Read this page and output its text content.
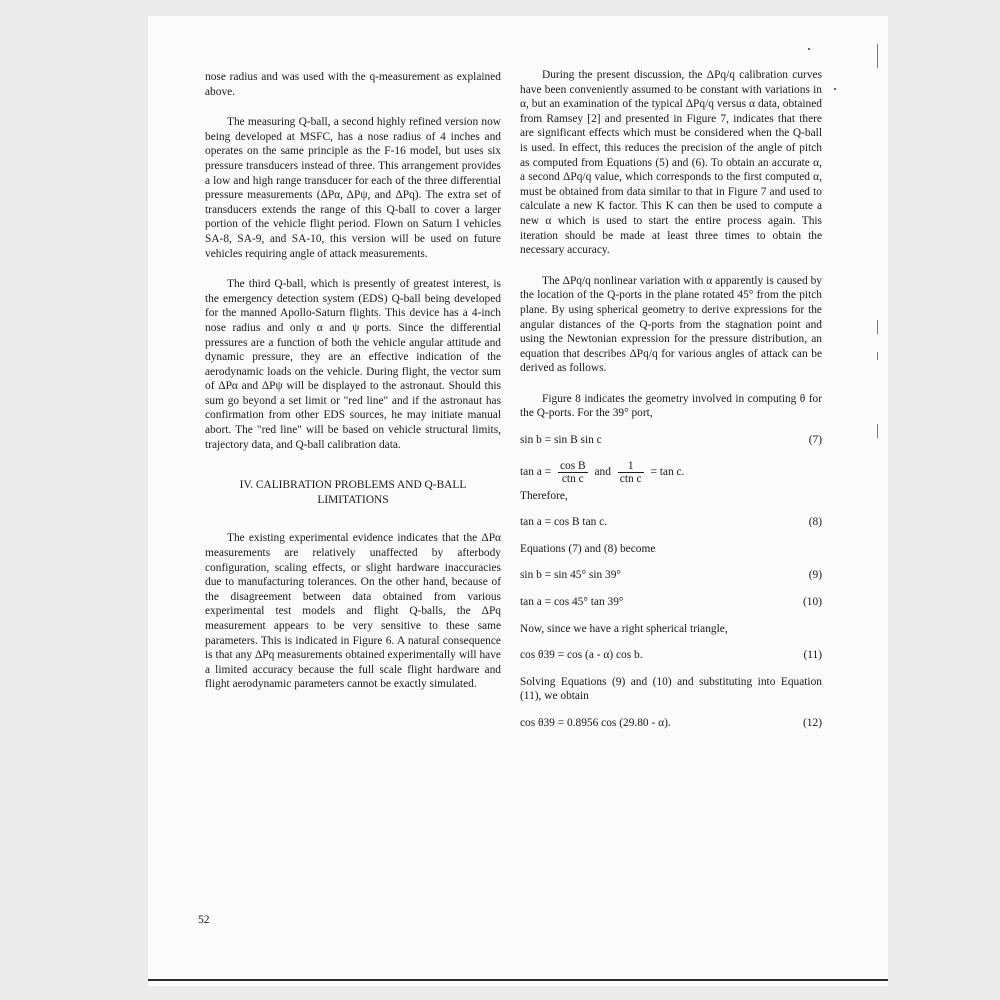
nose radius and was used with the q-measurement as explained above.

The measuring Q-ball, a second highly refined version now being developed at MSFC, has a nose radius of 4 inches and operates on the same principle as the F-16 model, but uses six pressure transducers instead of three. This arrangement provides a low and high range transducer for each of the three differential pressure measurements (ΔPα, ΔPψ, and ΔPq). The extra set of transducers extends the range of this Q-ball to cover a larger portion of the vehicle flight period. Flown on Saturn I vehicles SA-8, SA-9, and SA-10, this version will be used on future vehicles requiring angle of attack measurements.

The third Q-ball, which is presently of greatest interest, is the emergency detection system (EDS) Q-ball being developed for the manned Apollo-Saturn flights. This device has a 4-inch nose radius and only α and ψ ports. Since the differential pressures are a function of both the vehicle angular attitude and dynamic pressure, they are an effective indication of the aerodynamic loads on the vehicle. During flight, the vector sum of ΔPα and ΔPψ will be displayed to the astronaut. Should this sum go beyond a set limit or "red line" and if the astronaut has confirmation from other EDS sources, he may initiate manual abort. The "red line" will be based on vehicle structural limits, trajectory data, and Q-ball calibration data.

IV. CALIBRATION PROBLEMS AND Q-BALL LIMITATIONS

The existing experimental evidence indicates that the ΔPα measurements are relatively unaffected by afterbody configuration, scaling effects, or slight hardware inaccuracies due to manufacturing tolerances. On the other hand, because of the disagreement between data obtained from various experimental test models and flight Q-balls, the ΔPq measurement appears to be very sensitive to these same parameters. This is indicated in Figure 6. A natural consequence is that any ΔPq measurements obtained experimentally will have a limited accuracy because the full scale flight hardware and flight aerodynamic parameters cannot be exactly simulated.

During the present discussion, the ΔPq/q calibration curves have been conveniently assumed to be constant with variations in α, but an examination of the typical ΔPq/q versus α data, obtained from Ramsey [2] and presented in Figure 7, indicates that there are significant effects which must be considered when the Q-ball is used. In effect, this reduces the precision of the angle of pitch as computed from Equations (5) and (6). To obtain an accurate α, a second ΔPq/q value, which corresponds to the first computed α, must be obtained from data similar to that in Figure 7 and used to calculate a new K factor. This K can then be used to compute a new α which is used to start the entire process again. This iteration should be made at least three times to obtain the necessary accuracy.

The ΔPq/q nonlinear variation with α apparently is caused by the location of the Q-ports in the plane rotated 45° from the pitch plane. By using spherical geometry to derive expressions for the angular distances of the Q-ports from the stagnation point and using the Newtonian expression for the pressure distribution, an equation that describes ΔPq/q for various angles of attack can be derived as follows.

Figure 8 indicates the geometry involved in computing θ for the Q-ports. For the 39° port,

sin b = sin B sin c	(7)
$\tan a = \frac{\text{cos B}}{\text{ctn c}}$ and $\frac{1}{\text{ctn c}} = \tan c$.

Therefore,

tan a = cos B tan c.	(8)

Equations (7) and (8) become

sin b = sin 45° sin 39°	(9)
tan a = cos 45° tan 39°	(10)

Now, since we have a right spherical triangle,

cos θ39 = cos (a - α) cos b.	(11)

Solving Equations (9) and (10) and substituting into Equation (11), we obtain

cos θ39 = 0.8956 cos (29.80 - α).	(12)
52
